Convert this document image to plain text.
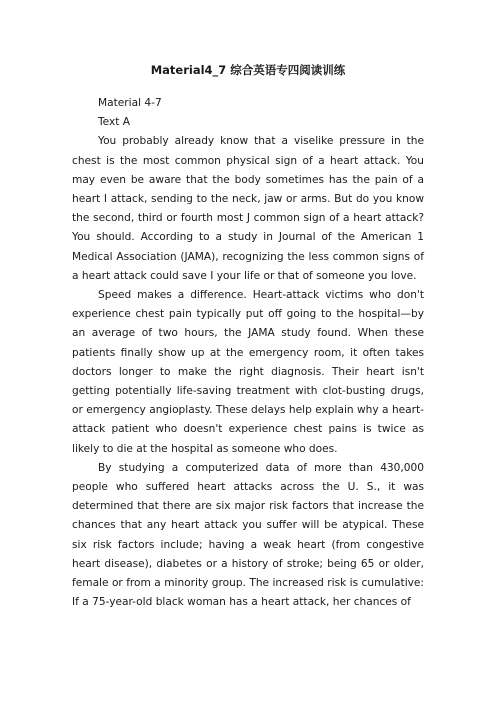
Material4_7 综合英语专四阅读训练

Material 4-7

Text A

You probably already know that a viselike pressure in the chest is the most common physical sign of a heart attack. You may even be aware that the body sometimes has the pain of a heart I attack, sending to the neck, jaw or arms. But do you know the second, third or fourth most J common sign of a heart attack? You should. According to a study in Journal of the American 1 Medical Association (JAMA), recognizing the less common signs of a heart attack could save I your life or that of someone you love.

Speed makes a difference. Heart-attack victims who don't experience chest pain typically put off going to the hospital—by an average of two hours, the JAMA study found. When these patients finally show up at the emergency room, it often takes doctors longer to make the right diagnosis. Their heart isn't getting potentially life-saving treatment with clot-busting drugs, or emergency angioplasty. These delays help explain why a heart-attack patient who doesn't experience chest pains is twice as likely to die at the hospital as someone who does.

By studying a computerized data of more than 430,000 people who suffered heart attacks across the U. S., it was determined that there are six major risk factors that increase the chances that any heart attack you suffer will be atypical. These six risk factors include; having a weak heart (from congestive heart disease), diabetes or a history of stroke; being 65 or older, female or from a minority group. The increased risk is cumulative: If a 75-year-old black woman has a heart attack, her chances of
